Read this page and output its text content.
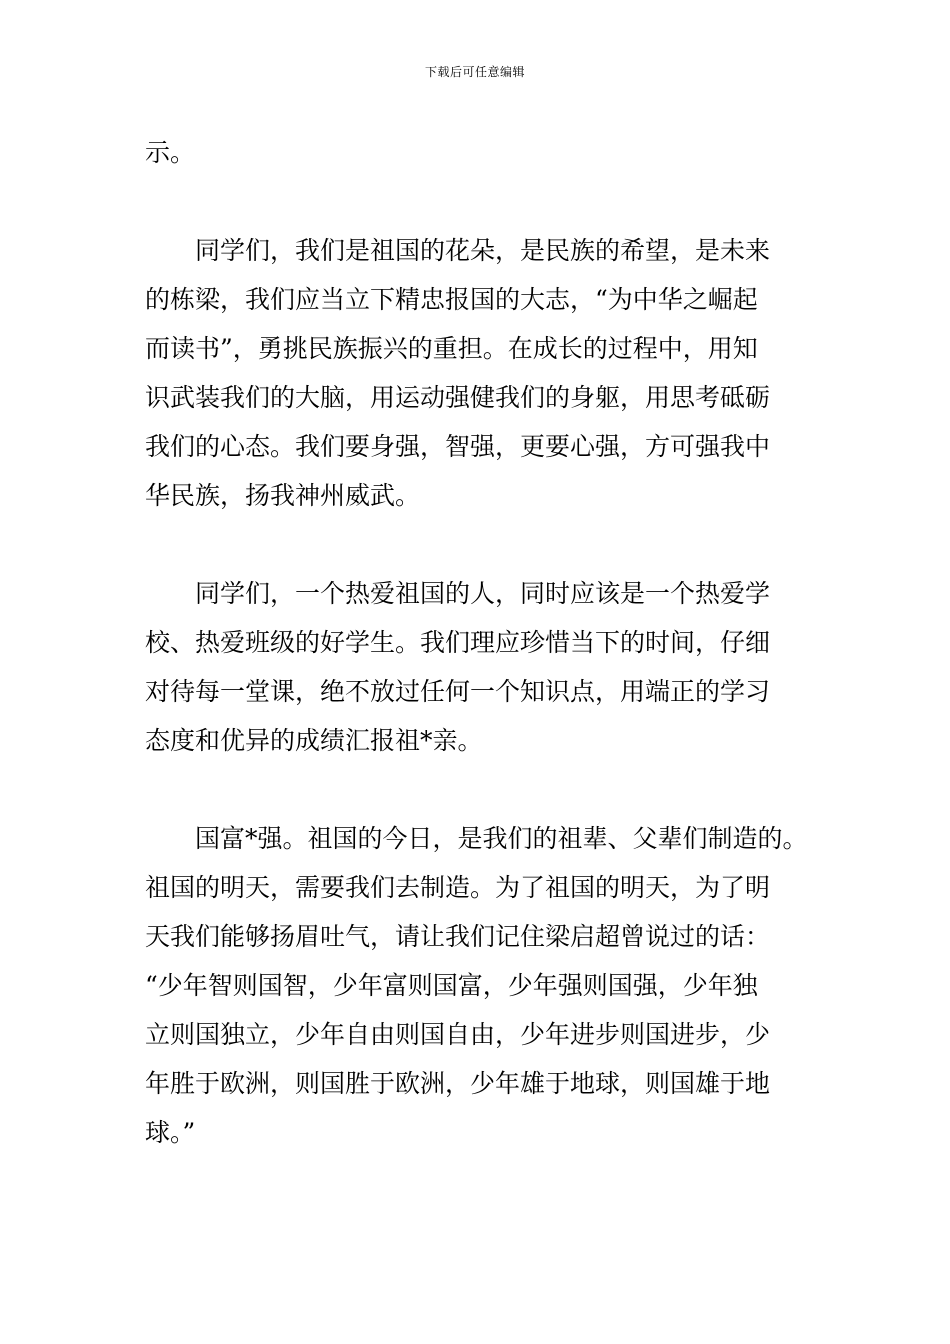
下载后可任意编辑
示。
同学们，我们是祖国的花朵，是民族的希望，是未来
的栋梁，我们应当立下精忠报国的大志，“为中华之崛起
而读书”，勇挑民族振兴的重担。在成长的过程中，用知
识武装我们的大脑，用运动强健我们的身躯，用思考砥砺
我们的心态。我们要身强，智强，更要心强，方可强我中
华民族，扬我神州威武。
同学们，一个热爱祖国的人，同时应该是一个热爱学
校、热爱班级的好学生。我们理应珍惜当下的时间，仔细
对待每一堂课，绝不放过任何一个知识点，用端正的学习
态度和优异的成绩汇报祖*亲。
国富*强。祖国的今日，是我们的祖辈、父辈们制造的。
祖国的明天，需要我们去制造。为了祖国的明天，为了明
天我们能够扬眉吐气，请让我们记住梁启超曾说过的话：
“少年智则国智，少年富则国富，少年强则国强，少年独
立则国独立，少年自由则国自由，少年进步则国进步，少
年胜于欧洲，则国胜于欧洲，少年雄于地球，则国雄于地
球。”
